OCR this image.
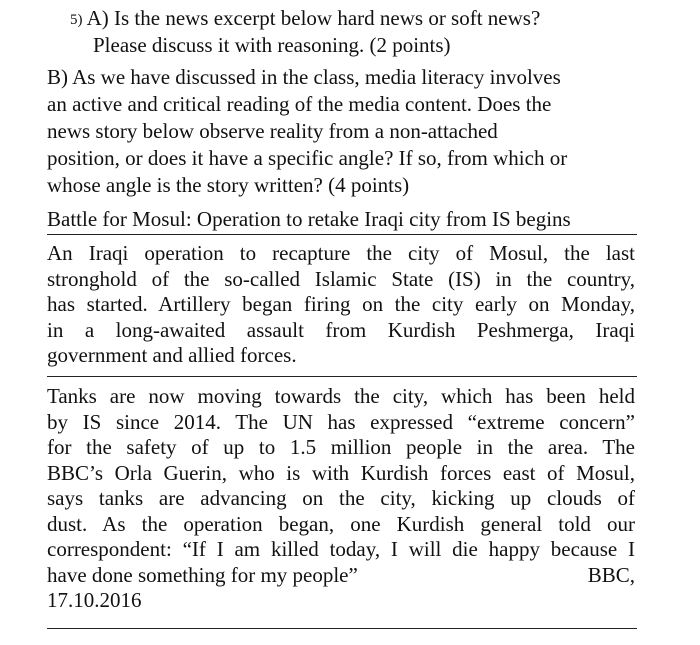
5) A) Is the news excerpt below hard news or soft news?
Please discuss it with reasoning. (2 points)
B) As we have discussed in the class, media literacy involves
an active and critical reading of the media content. Does the
news story below observe reality from a non-attached
position, or does it have a specific angle? If so, from which or
whose angle is the story written? (4 points)
Battle for Mosul: Operation to retake Iraqi city from IS begins
An Iraqi operation to recapture the city of Mosul, the last
stronghold of the so-called Islamic State (IS) in the country,
has started. Artillery began firing on the city early on Monday,
in a long-awaited assault from Kurdish Peshmerga, Iraqi
government and allied forces.
Tanks are now moving towards the city, which has been held
by IS since 2014. The UN has expressed “extreme concern”
for the safety of up to 1.5 million people in the area. The
BBC’s Orla Guerin, who is with Kurdish forces east of Mosul,
says tanks are advancing on the city, kicking up clouds of
dust. As the operation began, one Kurdish general told our
correspondent: “If I am killed today, I will die happy because I
have done something for my people”	BBC,
17.10.2016
